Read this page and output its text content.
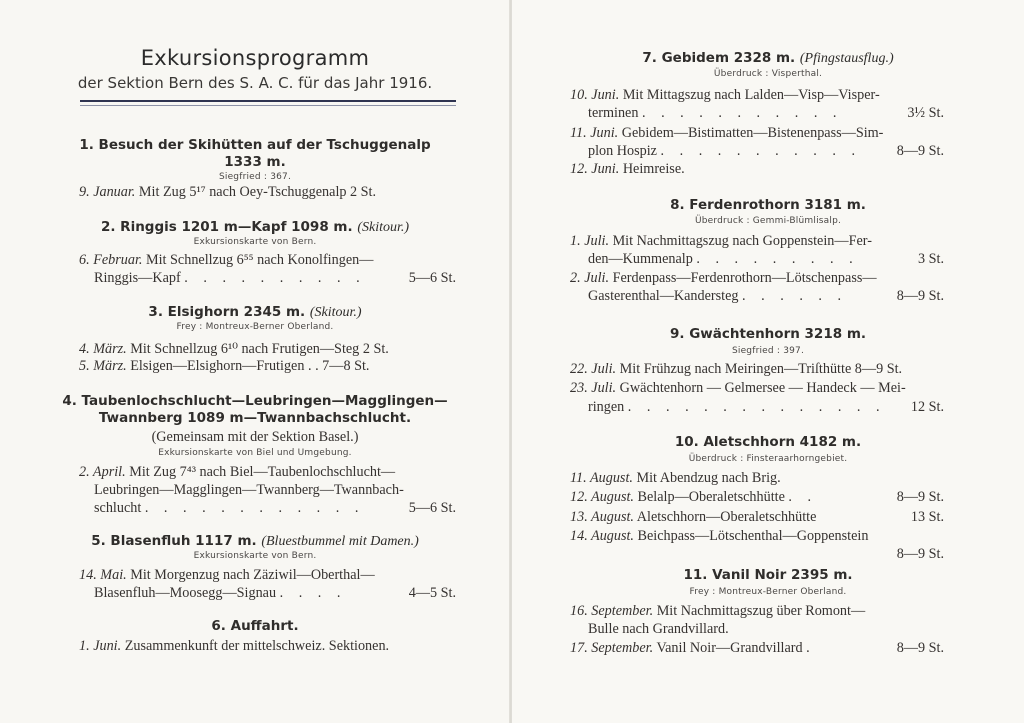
Exkursionsprogramm
der Sektion Bern des S. A. C. für das Jahr 1916.
1. Besuch der Skihütten auf der Tschuggenalp
1333 m.
Siegfried : 367.
9. Januar. Mit Zug 5¹⁷ nach Oey-Tschuggenalp 2 St.
2. Ringgis 1201 m—Kapf 1098 m. (Skitour.)
Exkursionskarte von Bern.
6. Februar. Mit Schnellzug 6⁵⁵ nach Konolfingen—
Ringgis—Kapf . . . . . . . . . .	5—6 St.
3. Elsighorn 2345 m. (Skitour.)
Frey : Montreux-Berner Oberland.
4. März. Mit Schnellzug 6¹⁰ nach Frutigen—Steg 2 St.
5. März. Elsigen—Elsighorn—Frutigen . . 7—8 St.
4. Taubenlochschlucht—Leubringen—Magglingen—
Twannberg 1089 m—Twannbachschlucht.
(Gemeinsam mit der Sektion Basel.)
Exkursionskarte von Biel und Umgebung.
2. April. Mit Zug 7⁴³ nach Biel—Taubenlochschlucht—
Leubringen—Magglingen—Twannberg—Twannbach-
schlucht . . . . . . . . . . . .	5—6 St.
5. Blasenfluh 1117 m. (Bluestbummel mit Damen.)
Exkursionskarte von Bern.
14. Mai. Mit Morgenzug nach Zäziwil—Oberthal—
Blasenfluh—Moosegg—Signau . . . .	4—5 St.
6. Auffahrt.
1. Juni. Zusammenkunft der mittelschweiz. Sektionen.
7. Gebidem 2328 m. (Pfingstausflug.)
Überdruck : Visperthal.
10. Juni. Mit Mittagszug nach Lalden—Visp—Visper-
terminen . . . . . . . . . . .	3½ St.
11. Juni. Gebidem—Bistimatten—Bistenenpass—Sim-
plon Hospiz . . . . . . . . . . .	8—9 St.
12. Juni. Heimreise.
8. Ferdenrothorn 3181 m.
Überdruck : Gemmi-Blümlisalp.
1. Juli. Mit Nachmittagszug nach Goppenstein—Fer-
den—Kummenalp . . . . . . . . .	3 St.
2. Juli. Ferdenpass—Ferdenrothorn—Lötschenpass—
Gasterenthal—Kandersteg . . . . . .	8—9 St.
9. Gwächtenhorn 3218 m.
Siegfried : 397.
22. Juli. Mit Frühzug nach Meiringen—Triſthütte 8—9 St.
23. Juli. Gwächtenhorn — Gelmersee — Handeck — Mei-
ringen . . . . . . . . . . . . . . 12 St.
10. Aletschhorn 4182 m.
Überdruck : Finsteraarhorngebiet.
11. August. Mit Abendzug nach Brig.
12. August. Belalp—Oberaletschhütte . .	8—9 St.
13. August. Aletschhorn—Oberaletschhütte	13 St.
14. August. Beichpass—Lötschenthal—Goppenstein
8—9 St.
11. Vanil Noir 2395 m.
Frey : Montreux-Berner Oberland.
16. September. Mit Nachmittagszug über Romont—
Bulle nach Grandvillard.
17. September. Vanil Noir—Grandvillard .	8—9 St.
